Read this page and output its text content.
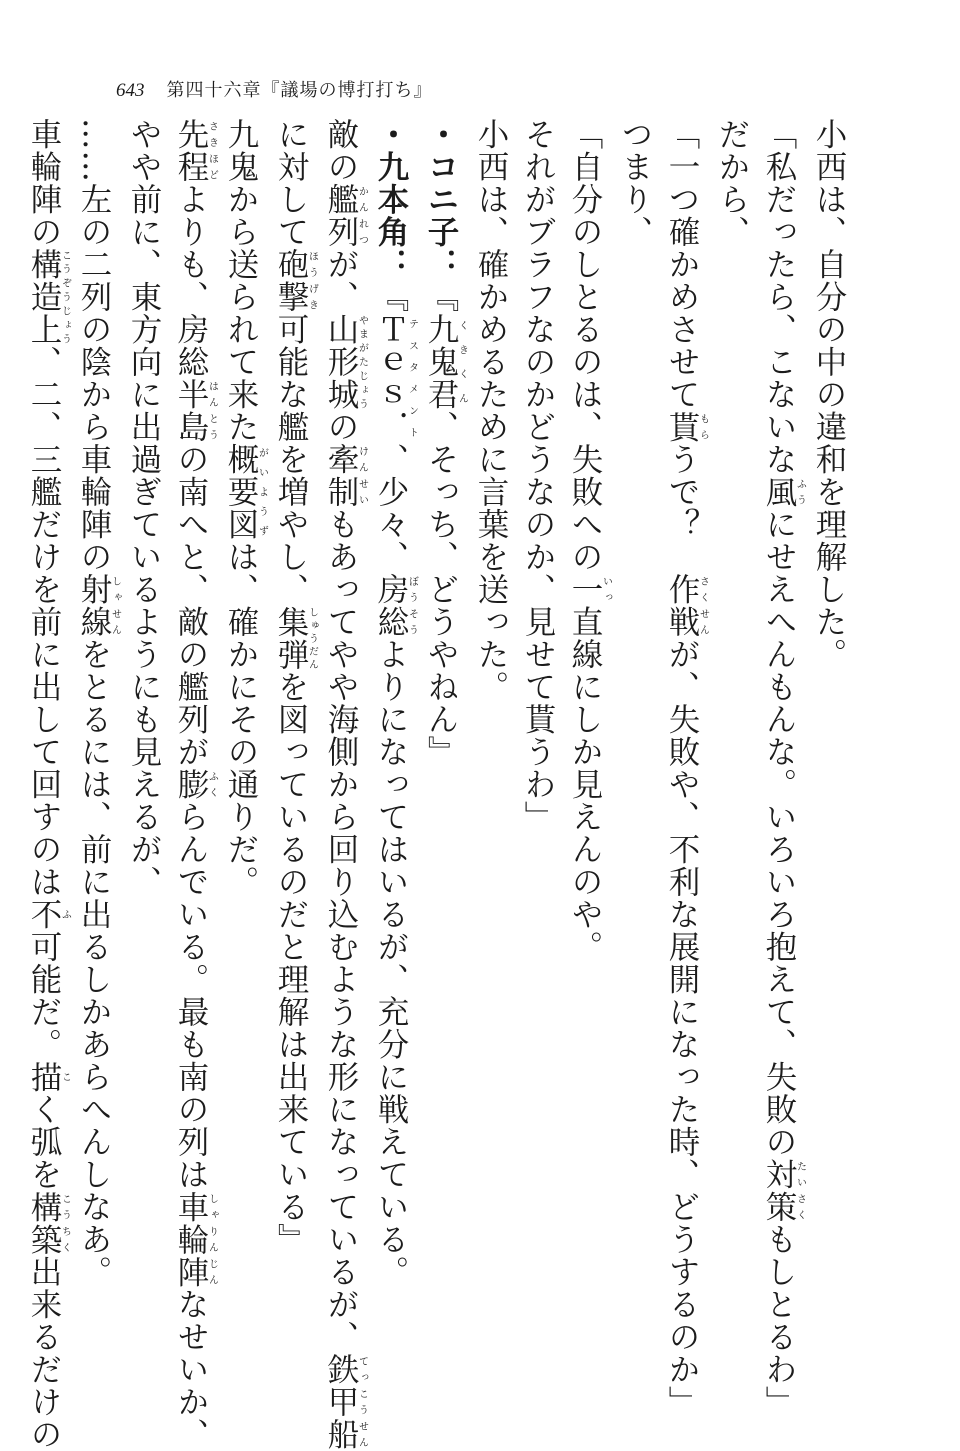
643 第四十六章『議場の博打打ち』
小西は、自分の中の違和を理解した。
「私だったら、こないな風ふうにせえへんもんな。いろいろ抱えて、失敗の対策たいさくもしとるわ」
だから、
「一つ確かめさせて貰もらうで？　作戦さくせんが、失敗や、不利な展開になった時、どうするのか」
つまり、
「自分のしとるのは、失敗への一いっ直線にしか見えんのや。
それがブラフなのかどうなのか、見せて貰うわ」
小西は、確かめるために言葉を送った。
・コニ子：『九鬼君くきくん、そっち、どうやねん』
・九本角：『Ｔｅｓ．テスタメント、少々、房総ぼうそうよりになってはいるが、充分に戦えている。
敵の艦列かんれつが、山形城やまがたじょうの牽制けんせいもあってやや海側から回り込むような形になっているが、鉄甲船てっこうせん
に対して砲撃ほうげき可能な艦を増やし、集弾しゅうだんを図っているのだと理解は出来ている』
九鬼から送られて来た概要図がいようずは、確かにその通りだ。
先程さきほどよりも、房総半島はんとうの南へと、敵の艦列が膨ふくらんでいる。最も南の列は車輪陣しゃりんじんなせいか、
やや前に、東方向に出過ぎているようにも見えるが、
……左の二列の陰から車輪陣の射線しゃせんをとるには、前に出るしかあらへんしなあ。
車輪陣の構造上こうぞうじょう、二、三艦だけを前に出して回すのは不ふ可能だ。描こく弧を構築こうちく出来るだけの
